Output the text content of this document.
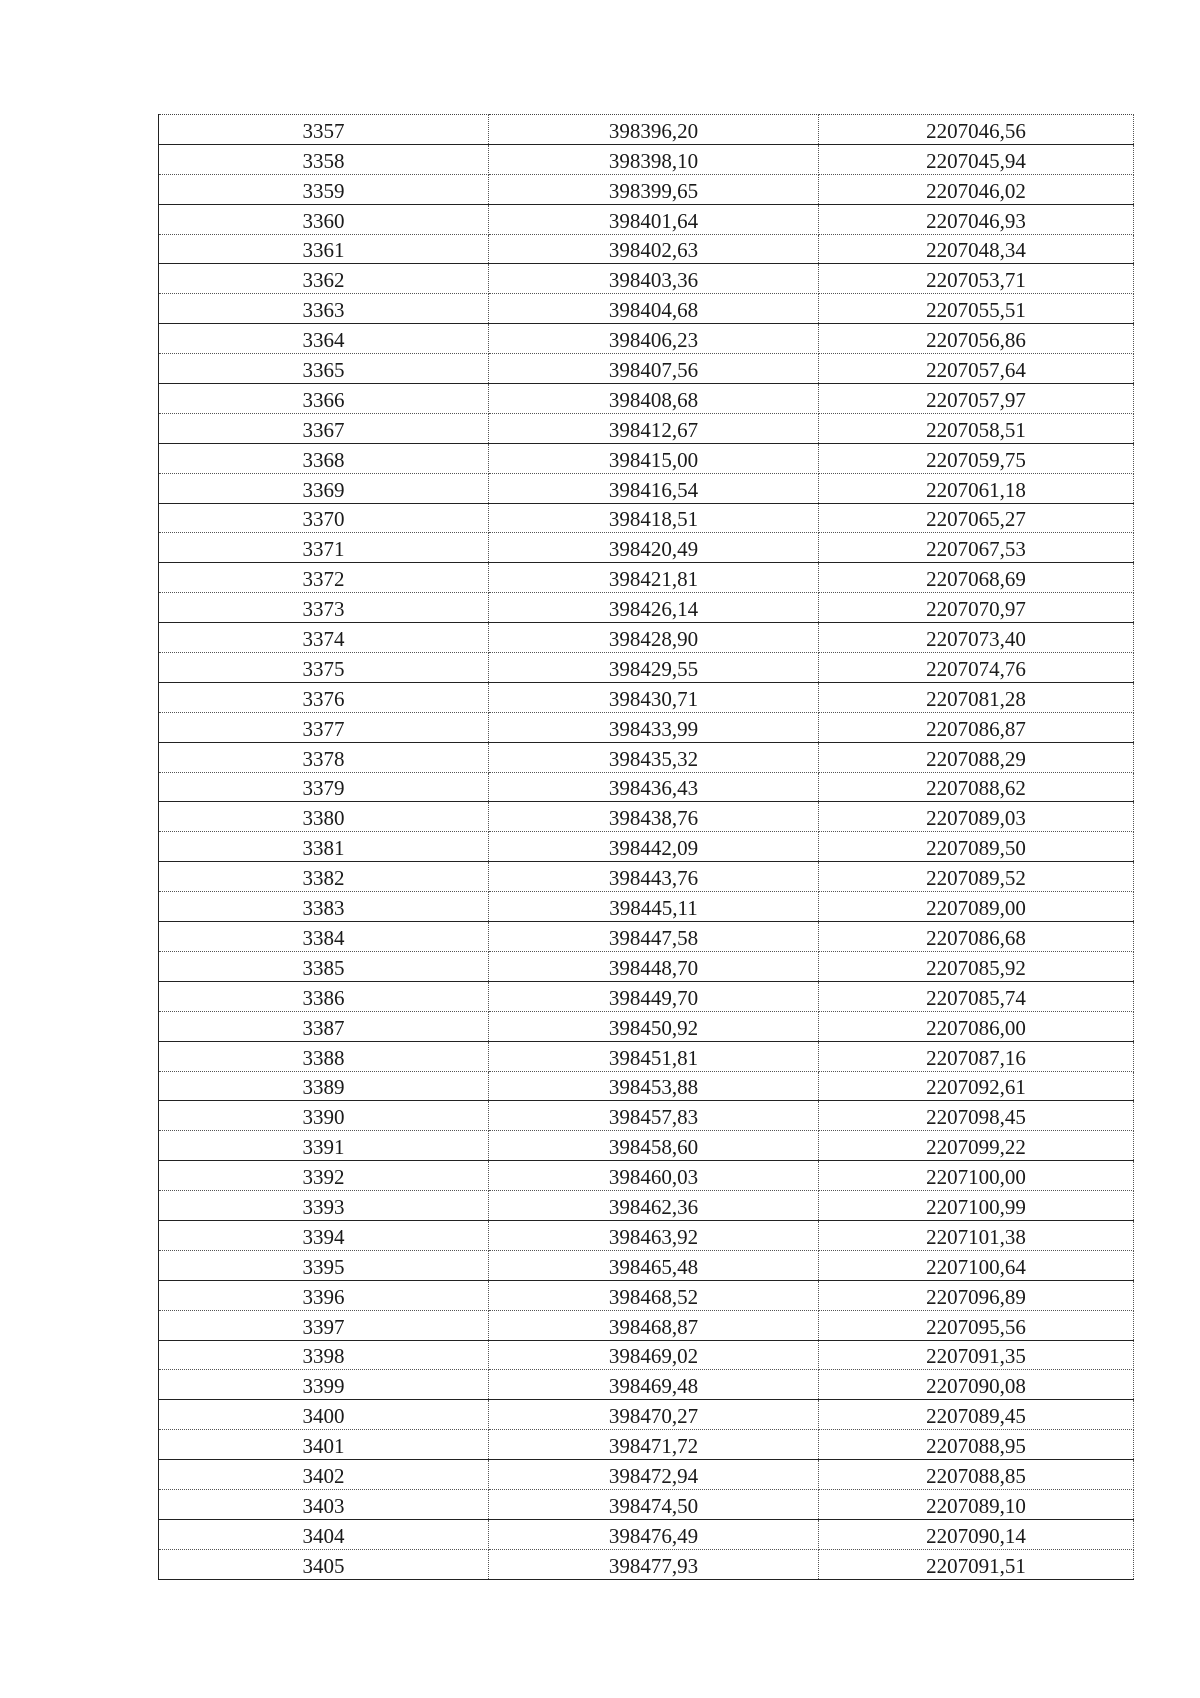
3357	398396,20	2207046,56
3358	398398,10	2207045,94
3359	398399,65	2207046,02
3360	398401,64	2207046,93
3361	398402,63	2207048,34
3362	398403,36	2207053,71
3363	398404,68	2207055,51
3364	398406,23	2207056,86
3365	398407,56	2207057,64
3366	398408,68	2207057,97
3367	398412,67	2207058,51
3368	398415,00	2207059,75
3369	398416,54	2207061,18
3370	398418,51	2207065,27
3371	398420,49	2207067,53
3372	398421,81	2207068,69
3373	398426,14	2207070,97
3374	398428,90	2207073,40
3375	398429,55	2207074,76
3376	398430,71	2207081,28
3377	398433,99	2207086,87
3378	398435,32	2207088,29
3379	398436,43	2207088,62
3380	398438,76	2207089,03
3381	398442,09	2207089,50
3382	398443,76	2207089,52
3383	398445,11	2207089,00
3384	398447,58	2207086,68
3385	398448,70	2207085,92
3386	398449,70	2207085,74
3387	398450,92	2207086,00
3388	398451,81	2207087,16
3389	398453,88	2207092,61
3390	398457,83	2207098,45
3391	398458,60	2207099,22
3392	398460,03	2207100,00
3393	398462,36	2207100,99
3394	398463,92	2207101,38
3395	398465,48	2207100,64
3396	398468,52	2207096,89
3397	398468,87	2207095,56
3398	398469,02	2207091,35
3399	398469,48	2207090,08
3400	398470,27	2207089,45
3401	398471,72	2207088,95
3402	398472,94	2207088,85
3403	398474,50	2207089,10
3404	398476,49	2207090,14
3405	398477,93	2207091,51
